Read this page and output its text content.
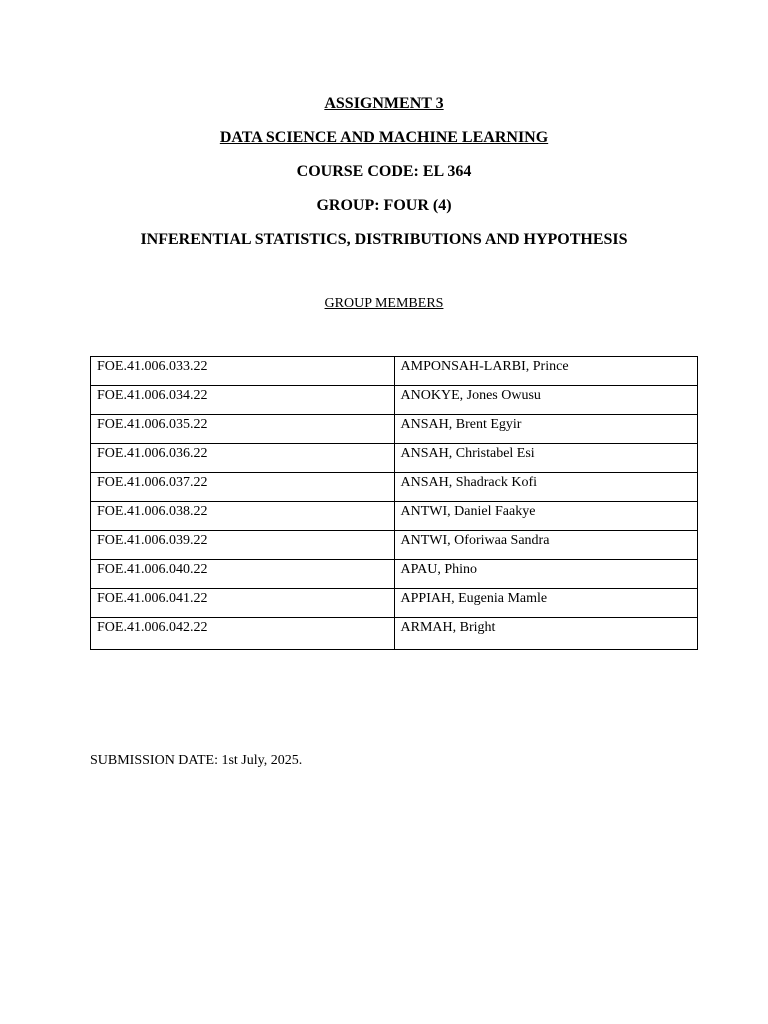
ASSIGNMENT 3
DATA SCIENCE AND MACHINE LEARNING
COURSE CODE: EL 364
GROUP: FOUR (4)
INFERENTIAL STATISTICS, DISTRIBUTIONS AND HYPOTHESIS
GROUP MEMBERS
FOE.41.006.033.22	AMPONSAH-LARBI, Prince
FOE.41.006.034.22	ANOKYE, Jones Owusu
FOE.41.006.035.22	ANSAH, Brent Egyir
FOE.41.006.036.22	ANSAH, Christabel Esi
FOE.41.006.037.22	ANSAH, Shadrack Kofi
FOE.41.006.038.22	ANTWI, Daniel Faakye
FOE.41.006.039.22	ANTWI, Oforiwaa Sandra
FOE.41.006.040.22	APAU, Phino
FOE.41.006.041.22	APPIAH, Eugenia Mamle
FOE.41.006.042.22	ARMAH, Bright
SUBMISSION DATE: 1st July, 2025.
